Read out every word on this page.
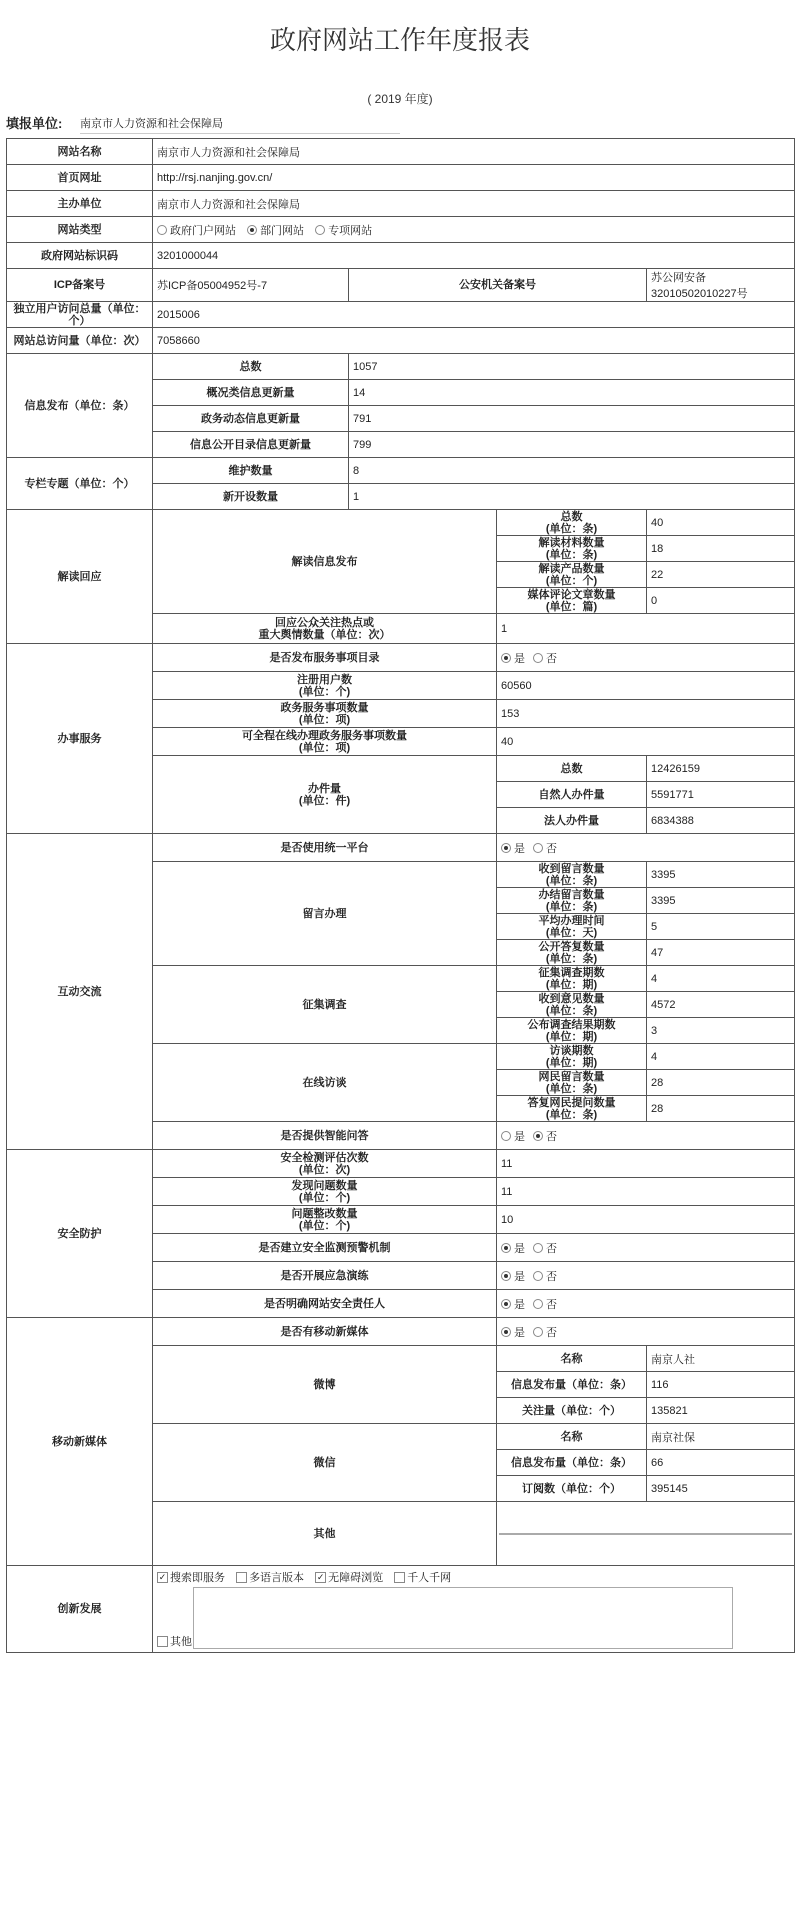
政府网站工作年度报表
( 2019 年度)
填报单位: 南京市人力资源和社会保障局
网站名称	南京市人力资源和社会保障局			
首页网址	http://rsj.nanjing.gov.cn/			
主办单位	南京市人力资源和社会保障局			
网站类型	政府门户网站 部门网站 专项网站			
政府网站标识码	3201000044			
ICP备案号	苏ICP备05004952号-7	公安机关备案号		苏公网安备 32010502010227号
独立用户访问总量（单位：个）	2015006			
网站总访问量（单位：次）	7058660			
信息发布（单位：条）	总数	1057		
	概况类信息更新量	14		
	政务动态信息更新量	791		
	信息公开目录信息更新量	799		
专栏专题（单位：个）	维护数量	8		
	新开设数量	1		
解读回应	解读信息发布		总数
(单位：条)	40
			解读材料数量
(单位：条)	18
			解读产品数量
(单位：个)	22
			媒体评论文章数量
(单位：篇)	0
	回应公众关注热点或
重大舆情数量（单位：次）		1	
办事服务	是否发布服务事项目录		是 否	
	注册用户数
(单位：个)		60560	
	政务服务事项数量
(单位：项)		153	
	可全程在线办理政务服务事项数量
(单位：项)		40	
	办件量
(单位：件)		总数	12426159
			自然人办件量	5591771
			法人办件量	6834388
互动交流	是否使用统一平台		是 否	
	留言办理		收到留言数量
(单位：条)	3395
			办结留言数量
(单位：条)	3395
			平均办理时间
(单位：天)	5
			公开答复数量
(单位：条)	47
	征集调查		征集调查期数
(单位：期)	4
			收到意见数量
(单位：条)	4572
			公布调查结果期数
(单位：期)	3
	在线访谈		访谈期数
(单位：期)	4
			网民留言数量
(单位：条)	28
			答复网民提问数量
(单位：条)	28
	是否提供智能问答		是 否	
安全防护	安全检测评估次数
(单位：次)		11	
	发现问题数量
(单位：个)		11	
	问题整改数量
(单位：个)		10	
	是否建立安全监测预警机制		是 否	
	是否开展应急演练		是 否	
	是否明确网站安全责任人		是 否	
移动新媒体	是否有移动新媒体		是 否	
	微博		名称	南京人社
			信息发布量（单位：条）	116
			关注量（单位：个）	135821
	微信		名称	南京社保
			信息发布量（单位：条）	66
			订阅数（单位：个）	395145
	其他			

创新发展	✓ 搜索即服务 多语言版本 ✓ 无障碍浏览 千人千网
其他			
